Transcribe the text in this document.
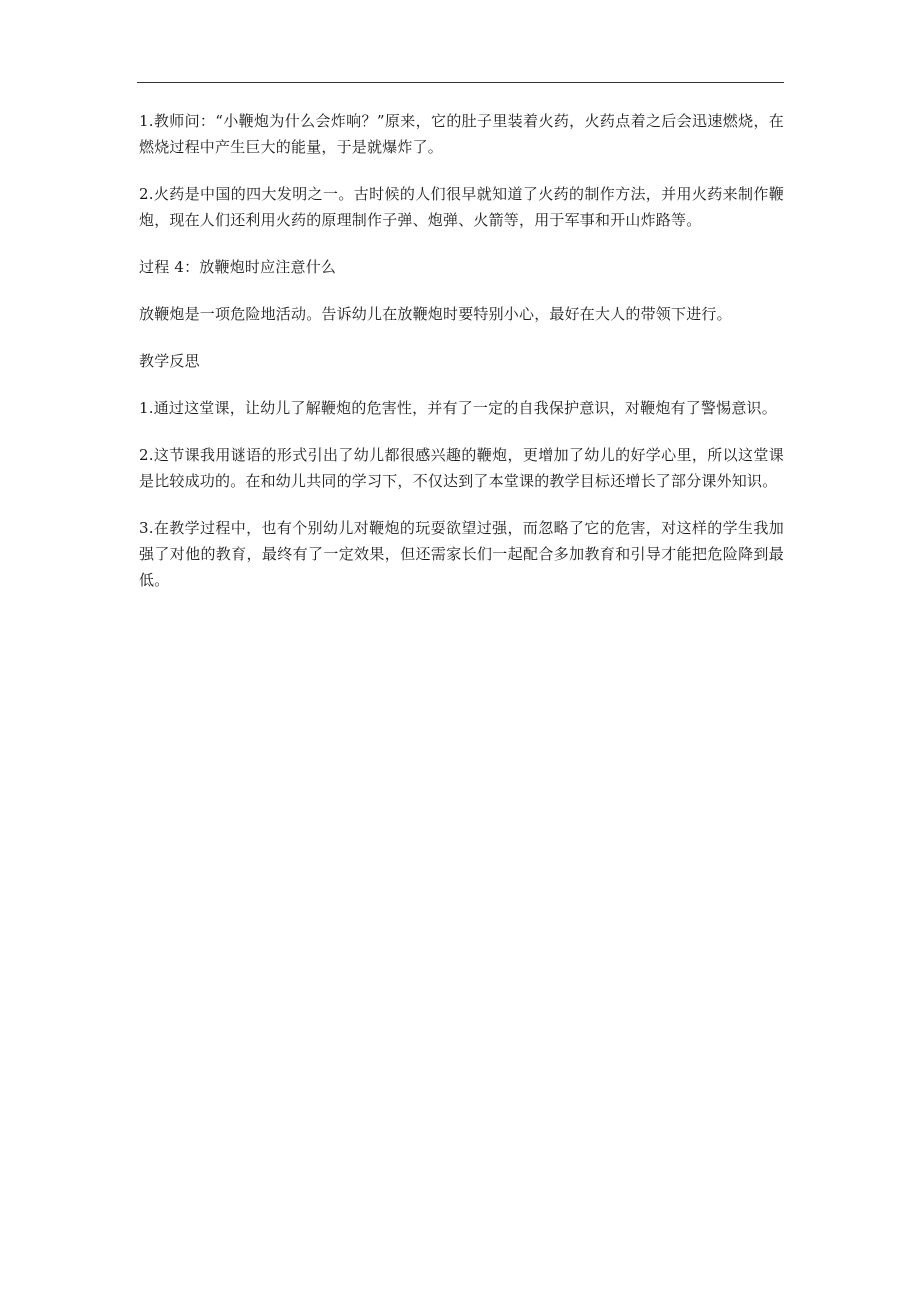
1.教师问：“小鞭炮为什么会炸响？”原来，它的肚子里装着火药，火药点着之后会迅速燃烧，在燃烧过程中产生巨大的能量，于是就爆炸了。

2.火药是中国的四大发明之一。古时候的人们很早就知道了火药的制作方法，并用火药来制作鞭炮，现在人们还利用火药的原理制作子弹、炮弹、火箭等，用于军事和开山炸路等。

过程 4：放鞭炮时应注意什么

放鞭炮是一项危险地活动。告诉幼儿在放鞭炮时要特别小心，最好在大人的带领下进行。

教学反思

1.通过这堂课，让幼儿了解鞭炮的危害性，并有了一定的自我保护意识，对鞭炮有了警惕意识。

2.这节课我用谜语的形式引出了幼儿都很感兴趣的鞭炮，更增加了幼儿的好学心里，所以这堂课是比较成功的。在和幼儿共同的学习下，不仅达到了本堂课的教学目标还增长了部分课外知识。

3.在教学过程中，也有个别幼儿对鞭炮的玩耍欲望过强，而忽略了它的危害，对这样的学生我加强了对他的教育，最终有了一定效果，但还需家长们一起配合多加教育和引导才能把危险降到最低。
